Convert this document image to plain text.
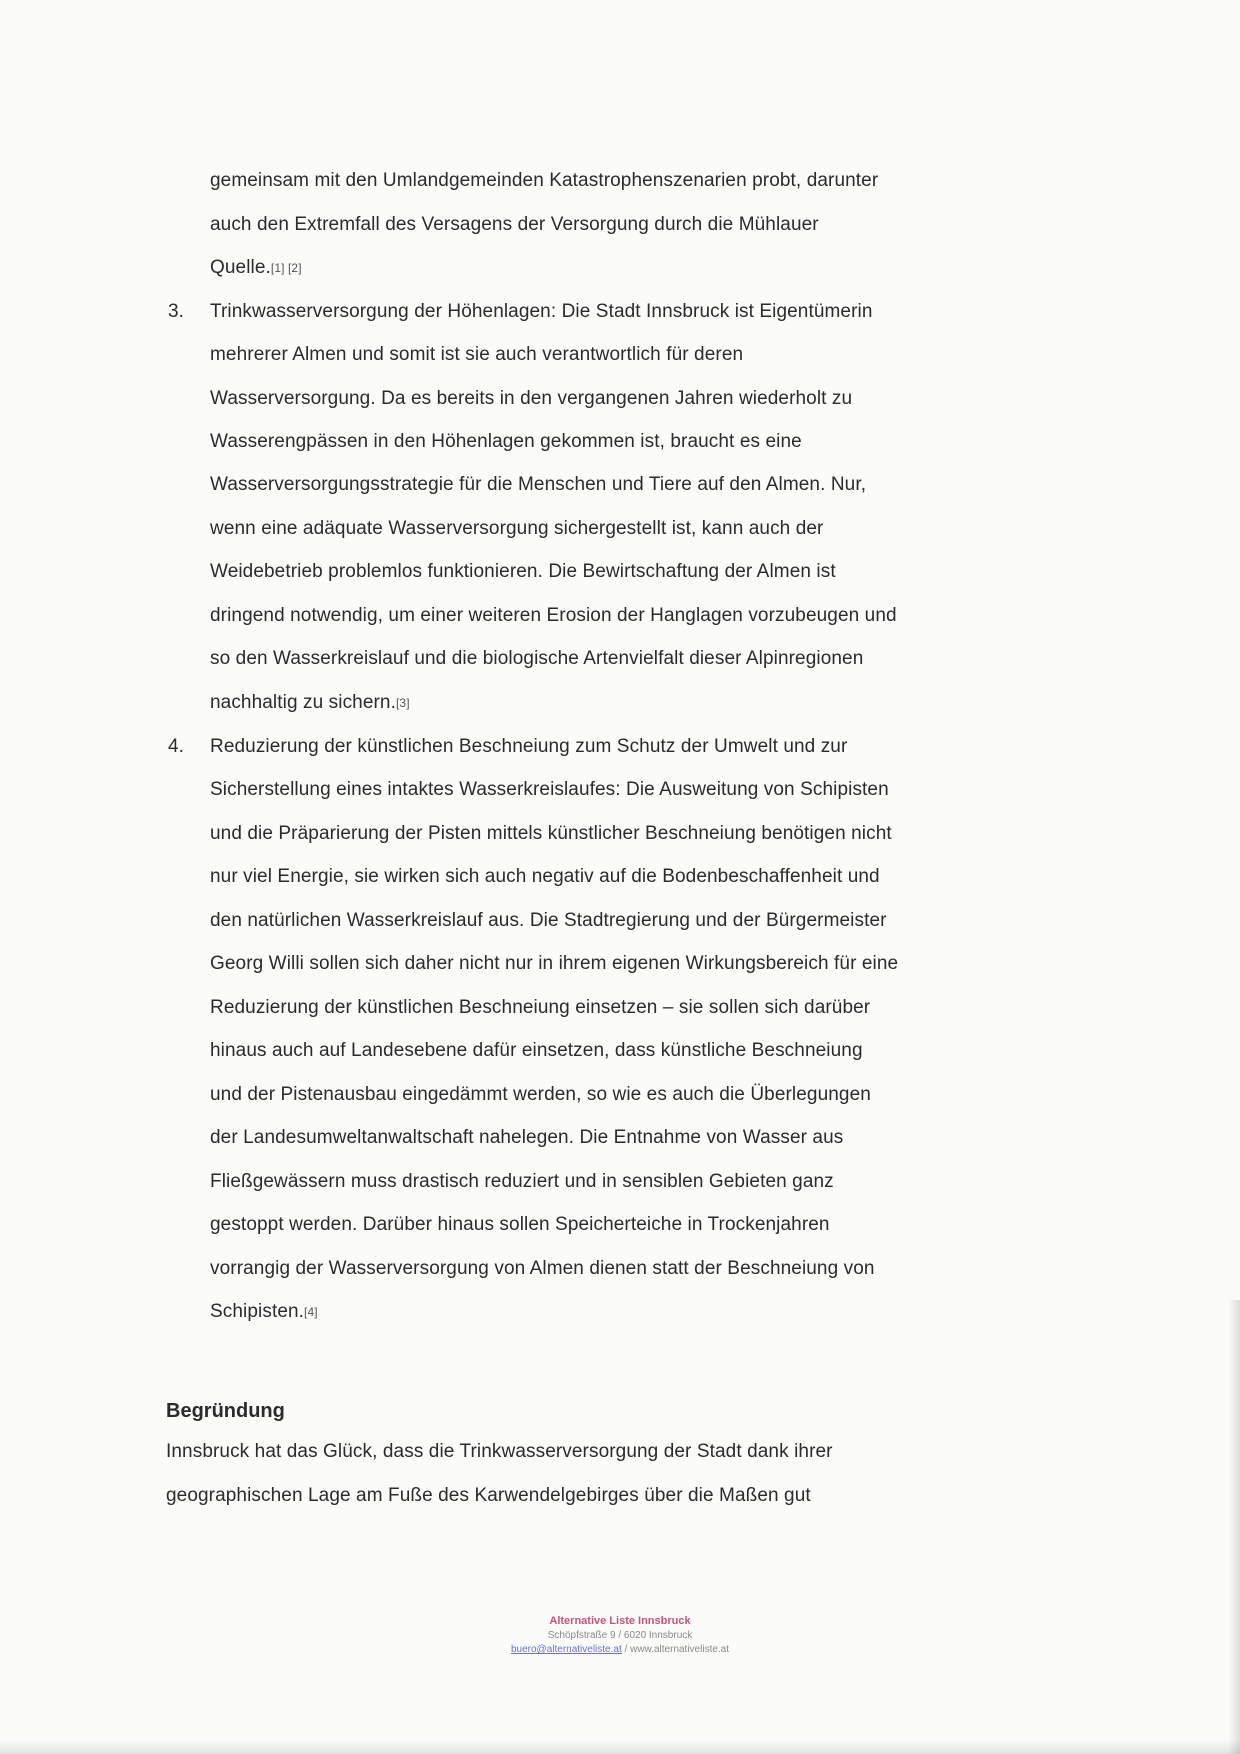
gemeinsam mit den Umlandgemeinden Katastrophenszenarien probt, darunter
auch den Extremfall des Versagens der Versorgung durch die Mühlauer
Quelle.[1] [2]
3. Trinkwasserversorgung der Höhenlagen: Die Stadt Innsbruck ist Eigentümerin
mehrerer Almen und somit ist sie auch verantwortlich für deren
Wasserversorgung. Da es bereits in den vergangenen Jahren wiederholt zu
Wasserengpässen in den Höhenlagen gekommen ist, braucht es eine
Wasserversorgungsstrategie für die Menschen und Tiere auf den Almen. Nur,
wenn eine adäquate Wasserversorgung sichergestellt ist, kann auch der
Weidebetrieb problemlos funktionieren. Die Bewirtschaftung der Almen ist
dringend notwendig, um einer weiteren Erosion der Hanglagen vorzubeugen und
so den Wasserkreislauf und die biologische Artenvielfalt dieser Alpinregionen
nachhaltig zu sichern.[3]
4. Reduzierung der künstlichen Beschneiung zum Schutz der Umwelt und zur
Sicherstellung eines intaktes Wasserkreislaufes: Die Ausweitung von Schipisten
und die Präparierung der Pisten mittels künstlicher Beschneiung benötigen nicht
nur viel Energie, sie wirken sich auch negativ auf die Bodenbeschaffenheit und
den natürlichen Wasserkreislauf aus. Die Stadtregierung und der Bürgermeister
Georg Willi sollen sich daher nicht nur in ihrem eigenen Wirkungsbereich für eine
Reduzierung der künstlichen Beschneiung einsetzen – sie sollen sich darüber
hinaus auch auf Landesebene dafür einsetzen, dass künstliche Beschneiung
und der Pistenausbau eingedämmt werden, so wie es auch die Überlegungen
der Landesumweltanwaltschaft nahelegen. Die Entnahme von Wasser aus
Fließgewässern muss drastisch reduziert und in sensiblen Gebieten ganz
gestoppt werden. Darüber hinaus sollen Speicherteiche in Trockenjahren
vorrangig der Wasserversorgung von Almen dienen statt der Beschneiung von
Schipisten.[4]
Begründung
Innsbruck hat das Glück, dass die Trinkwasserversorgung der Stadt dank ihrer
geographischen Lage am Fuße des Karwendelgebirges über die Maßen gut
Alternative Liste Innsbruck
Schöpfstraße 9 / 6020 Innsbruck
buero@alternativeliste.at / www.alternativeliste.at
